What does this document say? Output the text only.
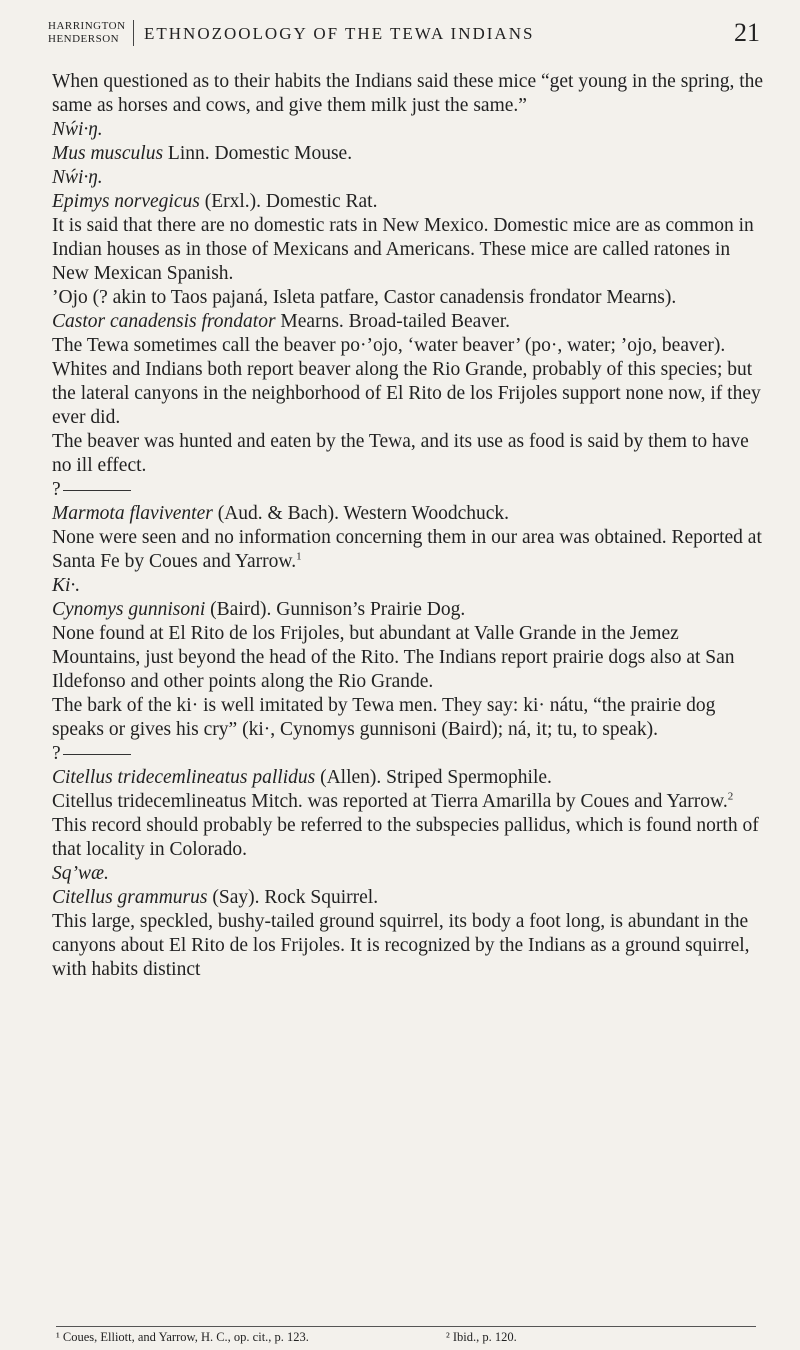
HARRINGTON
HENDERSON	ETHNOZOOLOGY OF THE TEWA INDIANS	21

When questioned as to their habits the Indians said these mice “get young in the spring, the same as horses and cows, and give them milk just the same.”

Nẃi·ŋ.

Mus musculus Linn. Domestic Mouse.

Nẃi·ŋ.

Epimys norvegicus (Erxl.). Domestic Rat.

It is said that there are no domestic rats in New Mexico. Domestic mice are as common in Indian houses as in those of Mexicans and Americans. These mice are called ratones in New Mexican Spanish.

’Ojo (? akin to Taos pajaná, Isleta patfare, Castor canadensis frondator Mearns).

Castor canadensis frondator Mearns. Broad-tailed Beaver.

The Tewa sometimes call the beaver po·’ojo, ‘water beaver’ (po·, water; ’ojo, beaver).

Whites and Indians both report beaver along the Rio Grande, probably of this species; but the lateral canyons in the neighborhood of El Rito de los Frijoles support none now, if they ever did.

The beaver was hunted and eaten by the Tewa, and its use as food is said by them to have no ill effect.

?

Marmota flaviventer (Aud. & Bach). Western Woodchuck.

None were seen and no information concerning them in our area was obtained. Reported at Santa Fe by Coues and Yarrow.$^1$

Ki·.

Cynomys gunnisoni (Baird). Gunnison’s Prairie Dog.

None found at El Rito de los Frijoles, but abundant at Valle Grande in the Jemez Mountains, just beyond the head of the Rito. The Indians report prairie dogs also at San Ildefonso and other points along the Rio Grande.

The bark of the ki· is well imitated by Tewa men. They say: ki· nátu, “the prairie dog speaks or gives his cry” (ki·, Cynomys gunnisoni (Baird); ná, it; tu, to speak).

?

Citellus tridecemlineatus pallidus (Allen). Striped Spermophile.

Citellus tridecemlineatus Mitch. was reported at Tierra Amarilla by Coues and Yarrow.$^2$ This record should probably be referred to the subspecies pallidus, which is found north of that locality in Colorado.

Sq’wæ.

Citellus grammurus (Say). Rock Squirrel.

This large, speckled, bushy-tailed ground squirrel, its body a foot long, is abundant in the canyons about El Rito de los Frijoles. It is recognized by the Indians as a ground squirrel, with habits distinct

¹ Coues, Elliott, and Yarrow, H. C., op. cit., p. 123.	² Ibid., p. 120.
